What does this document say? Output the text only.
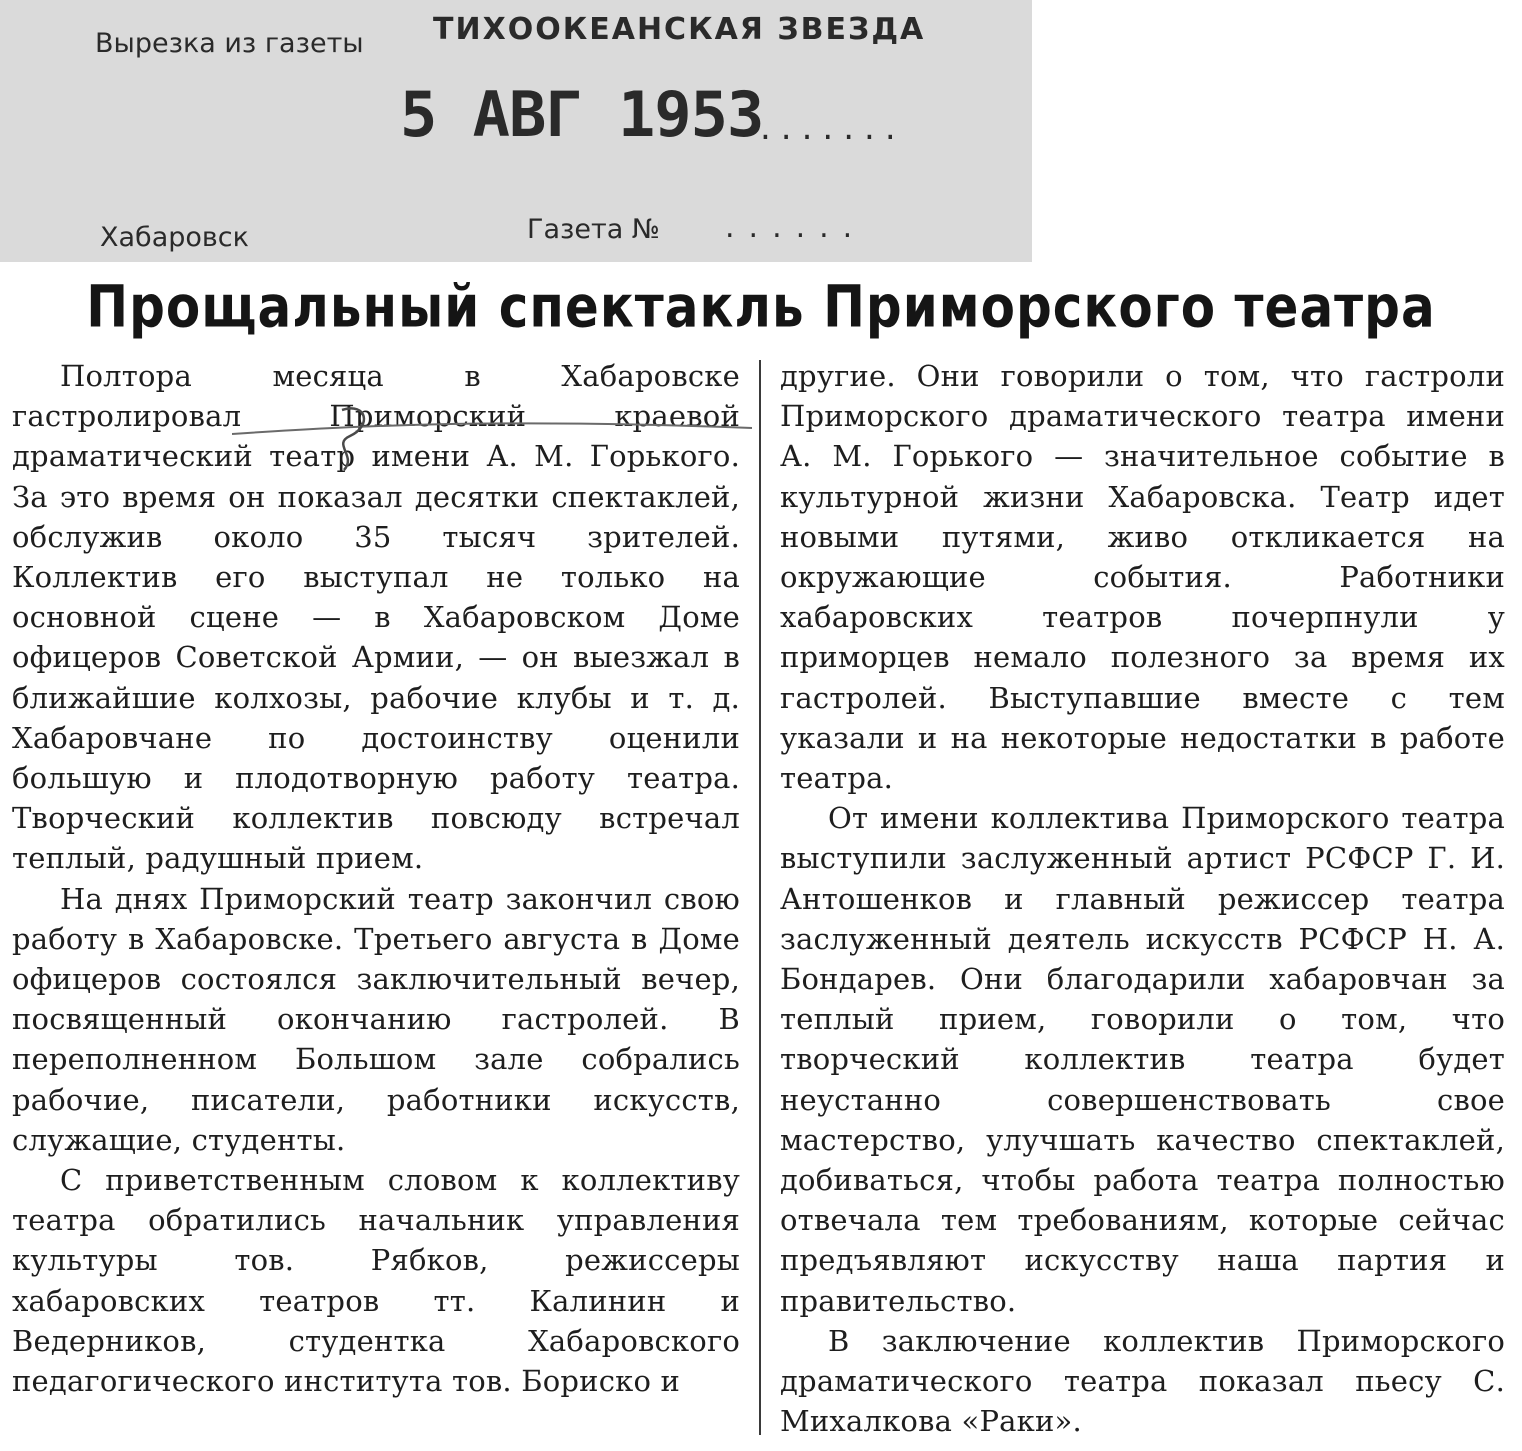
Вырезка из газеты ТИХООКЕАНСКАЯ ЗВЕЗДА
5 АВГ 1953
.......
Хабаровск	Газета № ......
Прощальный спектакль Приморского театра

Полтора месяца в Хабаровске гастролировал Приморский краевой драматический театр имени А. М. Горького. За это время он показал десятки спектаклей, обслужив около 35 тысяч зрителей. Коллектив его выступал не только на основной сцене — в Хабаровском Доме офицеров Советской Армии, — он выезжал в ближайшие колхозы, рабочие клубы и т. д. Хабаровчане по достоинству оценили большую и плодотворную работу театра. Творческий коллектив повсюду встречал теплый, радушный прием.

На днях Приморский театр закончил свою работу в Хабаровске. Третьего августа в Доме офицеров состоялся заключительный вечер, посвященный окончанию гастролей. В переполненном Большом зале собрались рабочие, писатели, работники искусств, служащие, студенты.

С приветственным словом к коллективу театра обратились начальник управления культуры тов. Рябков, режиссеры хабаровских театров тт. Калинин и Ведерников, студентка Хабаровского педагогического института тов. Бориско и

другие. Они говорили о том, что гастроли Приморского драматического театра имени А. М. Горького — значительное событие в культурной жизни Хабаровска. Театр идет новыми путями, живо откликается на окружающие события. Работники хабаровских театров почерпнули у приморцев немало полезного за время их гастролей. Выступавшие вместе с тем указали и на некоторые недостатки в работе театра.

От имени коллектива Приморского театра выступили заслуженный артист РСФСР Г. И. Антошенков и главный режиссер театра заслуженный деятель искусств РСФСР Н. А. Бондарев. Они благодарили хабаровчан за теплый прием, говорили о том, что творческий коллектив театра будет неустанно совершенствовать свое мастерство, улучшать качество спектаклей, добиваться, чтобы работа театра полностью отвечала тем требованиям, которые сейчас предъявляют искусству наша партия и правительство.

В заключение коллектив Приморского драматического театра показал пьесу С. Михалкова «Раки».
